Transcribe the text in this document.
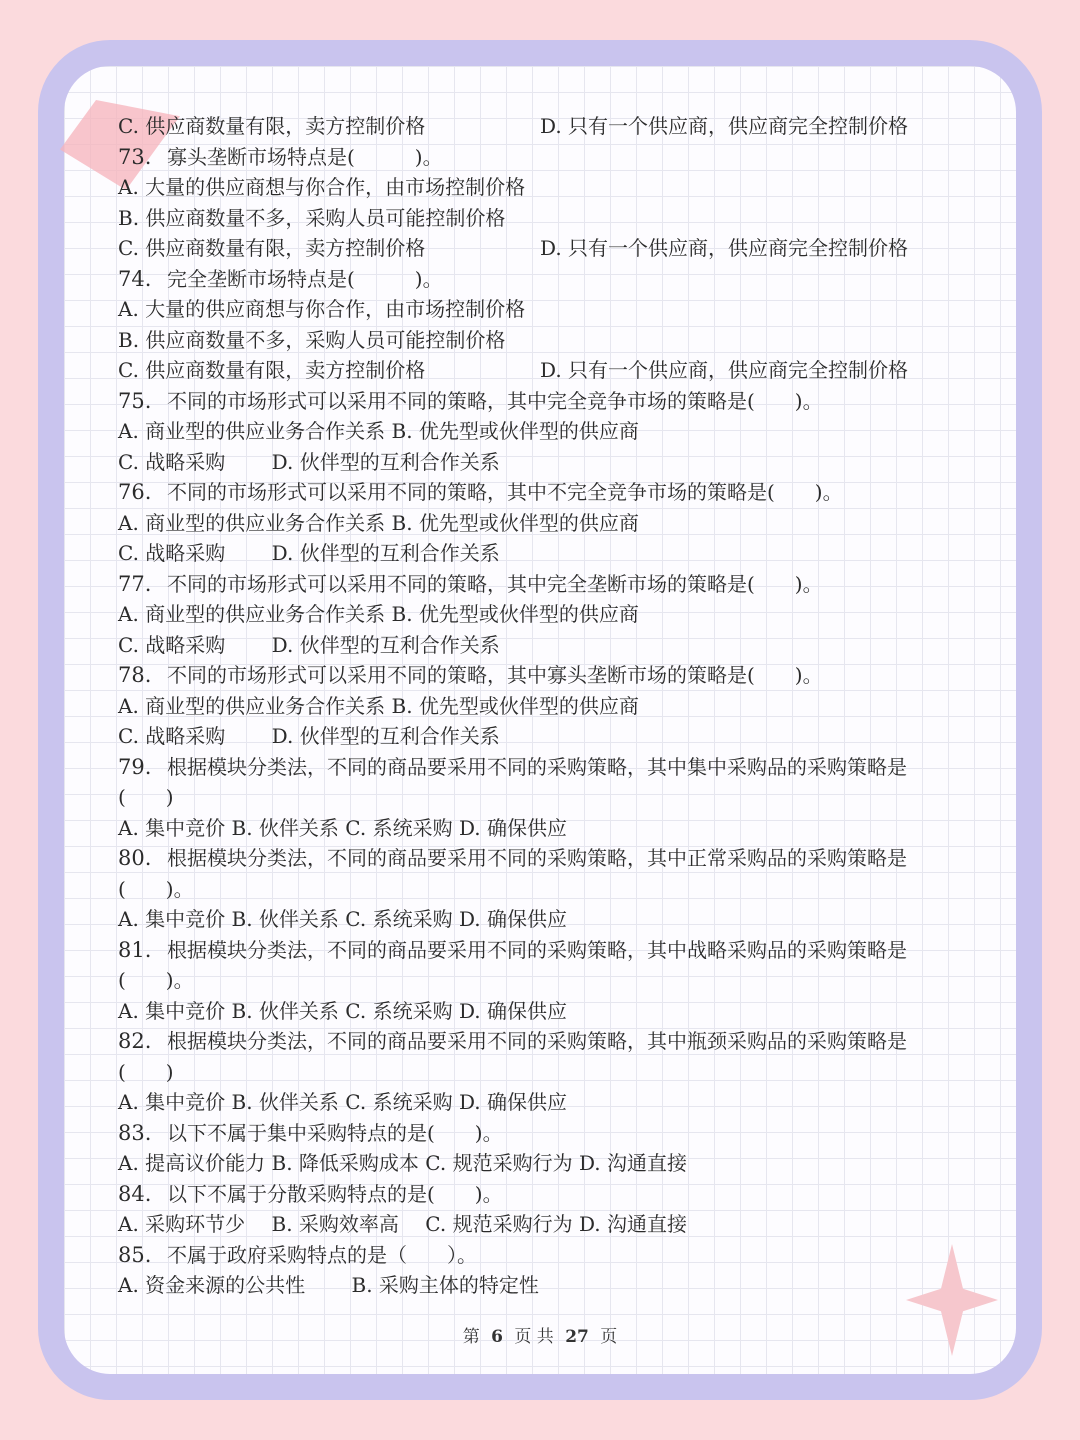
C. 供应商数量有限，卖方控制价格	D. 只有一个供应商，供应商完全控制价格
73. 寡头垄断市场特点是(　　　)。
A. 大量的供应商想与你合作，由市场控制价格
B. 供应商数量不多，采购人员可能控制价格
C. 供应商数量有限，卖方控制价格	D. 只有一个供应商，供应商完全控制价格
74. 完全垄断市场特点是(　　　)。
A. 大量的供应商想与你合作，由市场控制价格
B. 供应商数量不多，采购人员可能控制价格
C. 供应商数量有限，卖方控制价格	D. 只有一个供应商，供应商完全控制价格
75. 不同的市场形式可以采用不同的策略，其中完全竞争市场的策略是(　　)。
A. 商业型的供应业务合作关系 B. 优先型或伙伴型的供应商
C. 战略采购　　 D. 伙伴型的互利合作关系
76. 不同的市场形式可以采用不同的策略，其中不完全竞争市场的策略是(　　)。
A. 商业型的供应业务合作关系 B. 优先型或伙伴型的供应商
C. 战略采购　　 D. 伙伴型的互利合作关系
77. 不同的市场形式可以采用不同的策略，其中完全垄断市场的策略是(　　)。
A. 商业型的供应业务合作关系 B. 优先型或伙伴型的供应商
C. 战略采购　　 D. 伙伴型的互利合作关系
78. 不同的市场形式可以采用不同的策略，其中寡头垄断市场的策略是(　　)。
A. 商业型的供应业务合作关系 B. 优先型或伙伴型的供应商
C. 战略采购　　 D. 伙伴型的互利合作关系
79. 根据模块分类法，不同的商品要采用不同的采购策略，其中集中采购品的采购策略是
(　　)
A. 集中竞价 B. 伙伴关系 C. 系统采购 D. 确保供应
80. 根据模块分类法，不同的商品要采用不同的采购策略，其中正常采购品的采购策略是
(　　)。
A. 集中竞价 B. 伙伴关系 C. 系统采购 D. 确保供应
81. 根据模块分类法，不同的商品要采用不同的采购策略，其中战略采购品的采购策略是
(　　)。
A. 集中竞价 B. 伙伴关系 C. 系统采购 D. 确保供应
82. 根据模块分类法，不同的商品要采用不同的采购策略，其中瓶颈采购品的采购策略是
(　　)
A. 集中竞价 B. 伙伴关系 C. 系统采购 D. 确保供应
83. 以下不属于集中采购特点的是(　　)。
A. 提高议价能力 B. 降低采购成本 C. 规范采购行为 D. 沟通直接
84. 以下不属于分散采购特点的是(　　)。
A. 采购环节少　 B. 采购效率高　 C. 规范采购行为 D. 沟通直接
85. 不属于政府采购特点的是（　　）。
A. 资金来源的公共性　　 B. 采购主体的特定性
第 6 页 共 27 页
